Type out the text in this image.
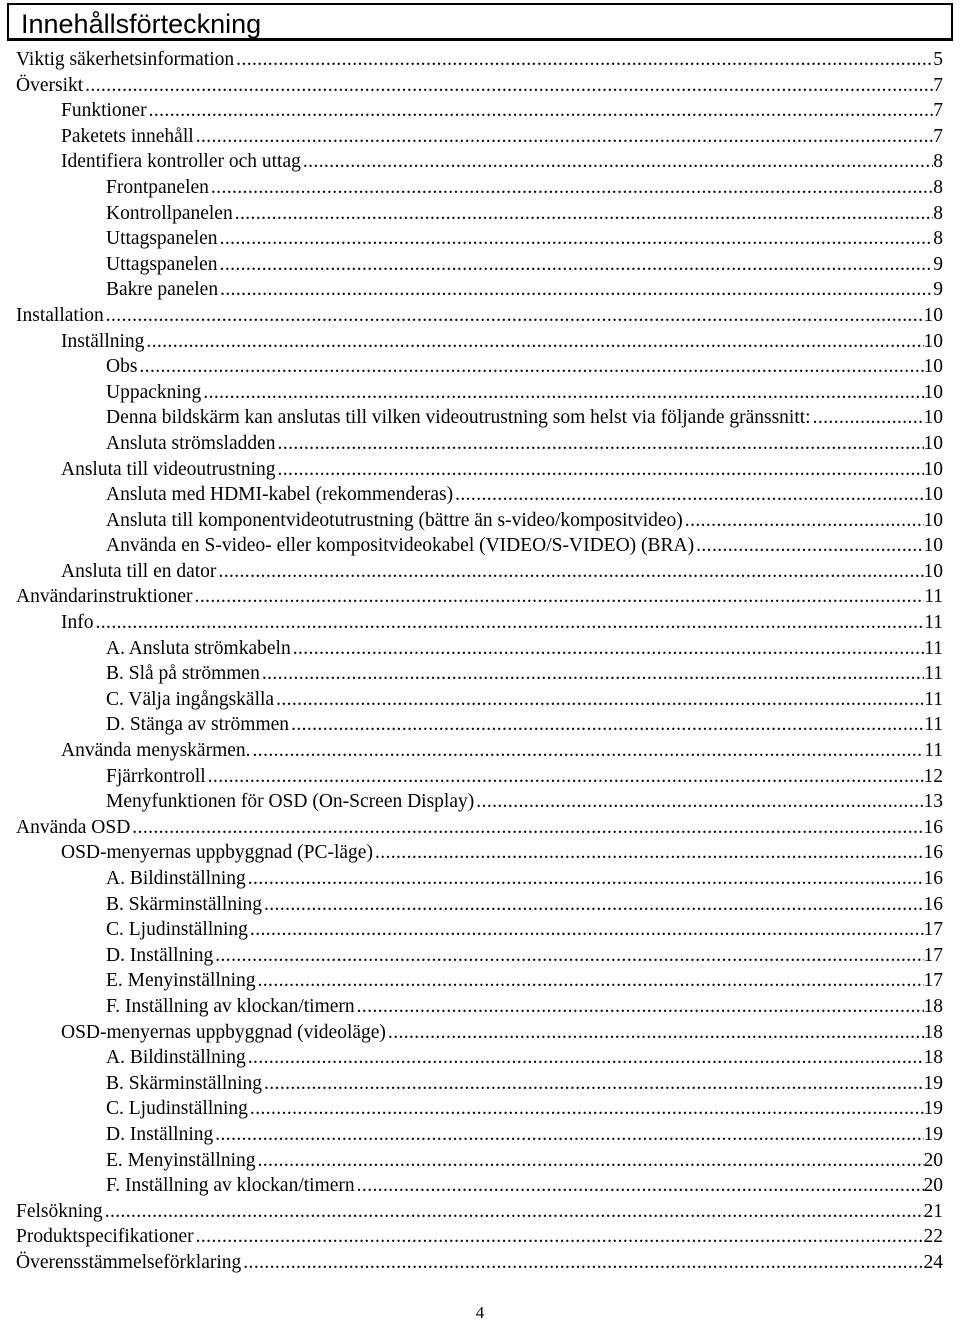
Innehållsförteckning
Viktig säkerhetsinformation .....	5
Översikt .....	7
Funktioner .....	7
Paketets innehåll .....	7
Identifiera kontroller och uttag .....	8
Frontpanelen .....	8
Kontrollpanelen .....	8
Uttagspanelen .....	8
Uttagspanelen .....	9
Bakre panelen .....	9
Installation .....	10
Inställning .....	10
Obs .....	10
Uppackning .....	10
Denna bildskärm kan anslutas till vilken videoutrustning som helst via följande gränssnitt: .....	10
Ansluta strömsladden .....	10
Ansluta till videoutrustning .....	10
Ansluta med HDMI-kabel (rekommenderas) .....	10
Ansluta till komponentvideotutrustning (bättre än s-video/kompositvideo) .....	10
Använda en S-video- eller kompositvideokabel (VIDEO/S-VIDEO) (BRA) .....	10
Ansluta till en dator .....	10
Användarinstruktioner .....	11
Info .....	11
A. Ansluta strömkabeln .....	11
B. Slå på strömmen .....	11
C. Välja ingångskälla .....	11
D. Stänga av strömmen .....	11
Använda menyskärmen. .....	11
Fjärrkontroll .....	12
Menyfunktionen för OSD (On-Screen Display) .....	13
Använda OSD .....	16
OSD-menyernas uppbyggnad (PC-läge) .....	16
A. Bildinställning .....	16
B. Skärminställning .....	16
C. Ljudinställning .....	17
D. Inställning .....	17
E. Menyinställning .....	17
F. Inställning av klockan/timern .....	18
OSD-menyernas uppbyggnad (videoläge) .....	18
A. Bildinställning .....	18
B. Skärminställning .....	19
C. Ljudinställning .....	19
D. Inställning .....	19
E. Menyinställning .....	20
F. Inställning av klockan/timern .....	20
Felsökning .....	21
Produktspecifikationer .....	22
Överensstämmelseförklaring .....	24
4
